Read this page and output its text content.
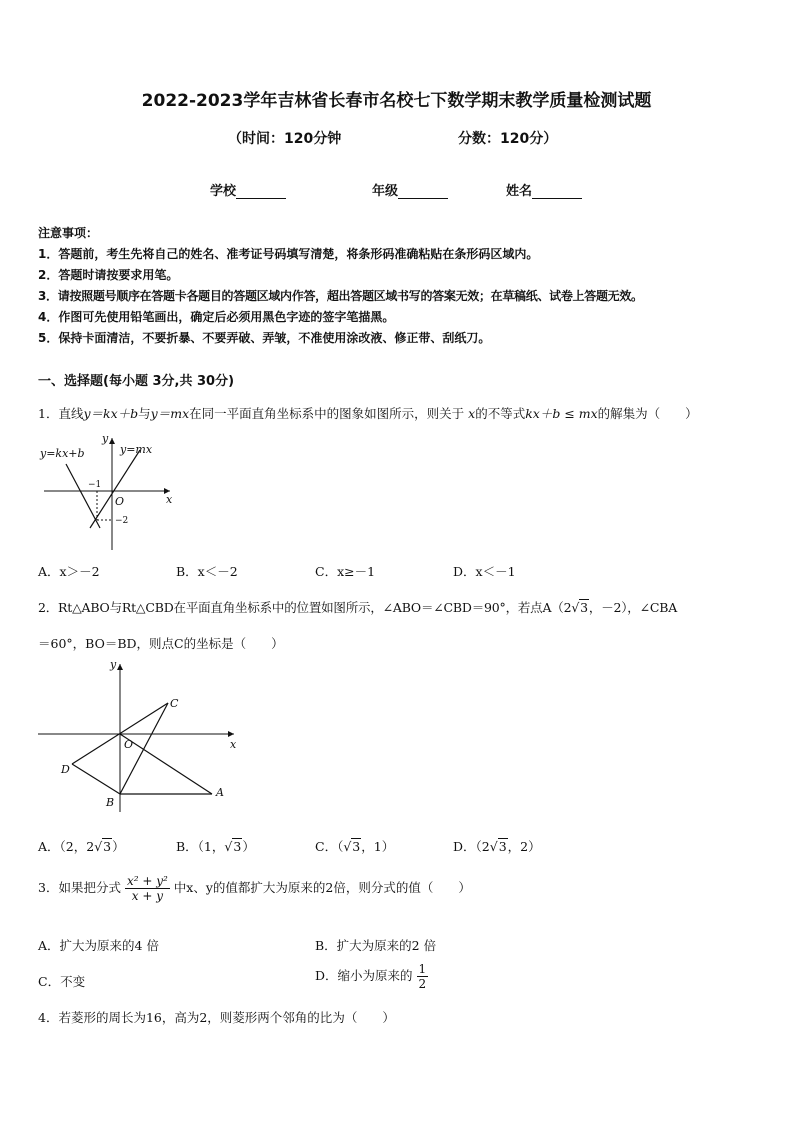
2022-2023学年吉林省长春市名校七下数学期末教学质量检测试题
（时间：120分钟	分数：120分）
学校	年级	姓名
注意事项：
1．答题前，考生先将自己的姓名、准考证号码填写清楚，将条形码准确粘贴在条形码区域内。
2．答题时请按要求用笔。
3．请按照题号顺序在答题卡各题目的答题区域内作答，超出答题区域书写的答案无效；在草稿纸、试卷上答题无效。
4．作图可先使用铅笔画出，确定后必须用黑色字迹的签字笔描黑。
5．保持卡面清洁，不要折暴、不要弄破、弄皱，不准使用涂改液、修正带、刮纸刀。
一、选择题(每小题 3分,共 30分)
1．直线y＝kx＋b与y＝mx在同一平面直角坐标系中的图象如图所示，则关于 x的不等式kx＋b ≤ mx的解集为（　　）
y=kx+b	y=mx
y
x
O
−1
−2
A．x＞－2	B．x＜－2	C．x≥－1	D．x＜－1
2．Rt△ABO与Rt△CBD在平面直角坐标系中的位置如图所示，∠ABO＝∠CBD＝90°，若点A（2√3，－2），∠CBA
＝60°，BO＝BD，则点C的坐标是（　　）
y
x
O
A
B
C
D
A．（2，2√3）	B．（1，√3）	C．（√3，1）	D．（2√3，2）
3．如果把分式 $\frac{\text{x² + y²}}{x + y}$ 中x、y的值都扩大为原来的2倍，则分式的值（　　）
A．扩大为原来的4 倍	B．扩大为原来的2 倍
C．不变	D．缩小为原来的 $\frac{1}{2}$
4．若菱形的周长为16，高为2，则菱形两个邻角的比为（　　）
